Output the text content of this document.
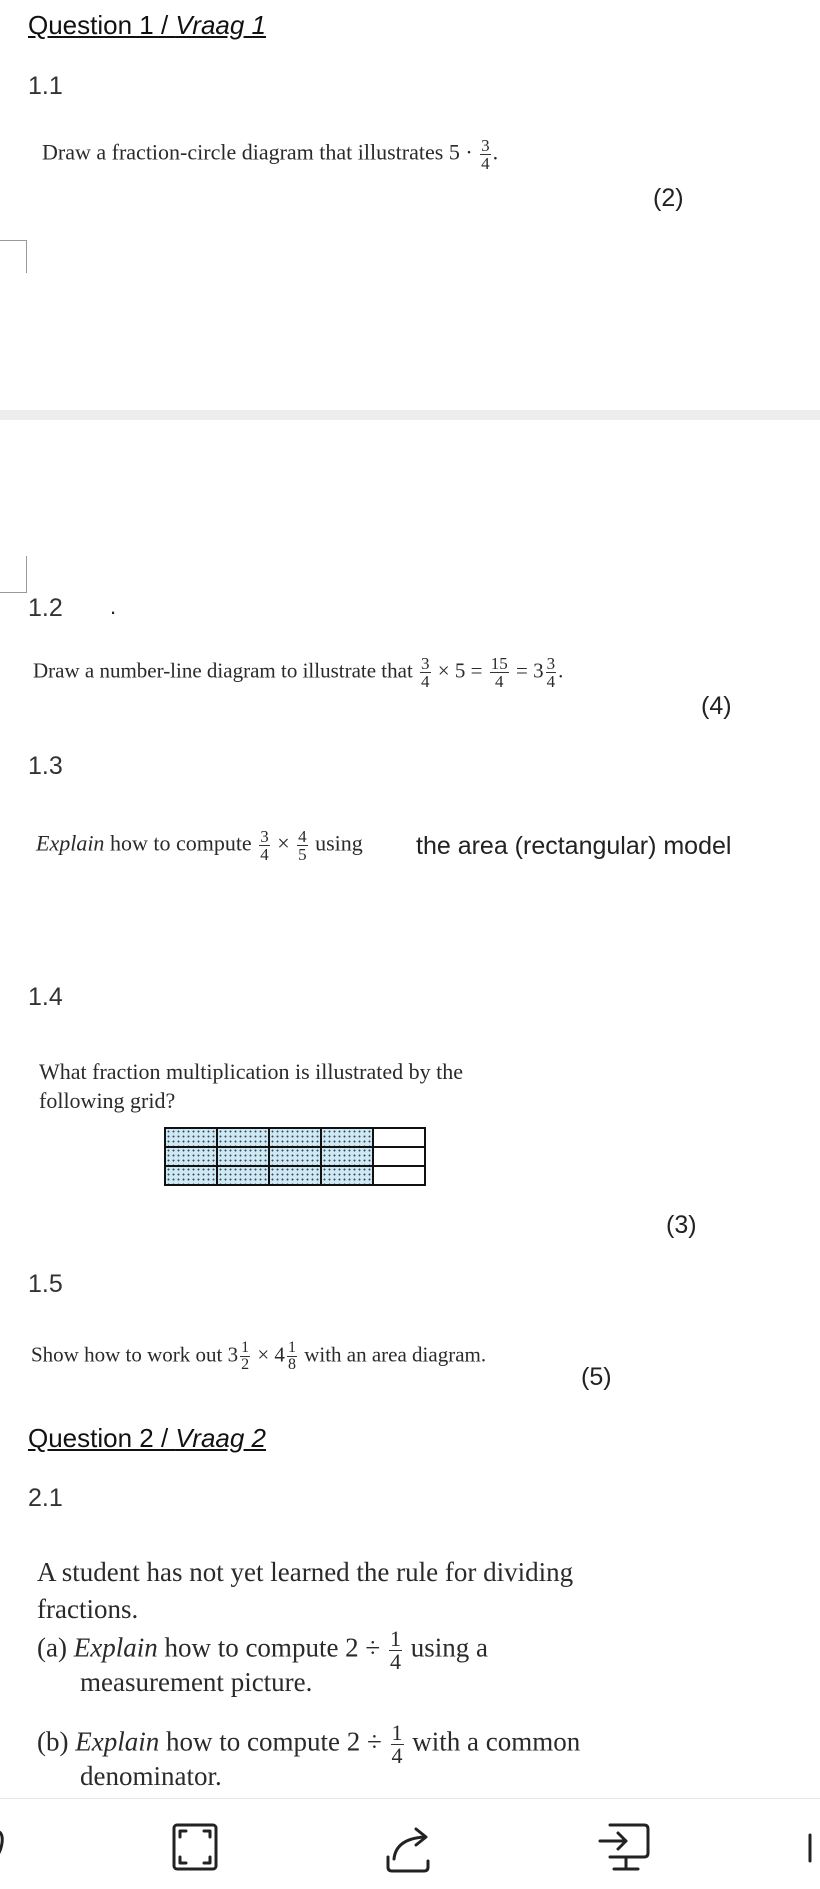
Question 1 / Vraag 1
1.1
Draw a fraction-circle diagram that illustrates $5 \cdot \frac{3}{4}$ .
(2)
1.2 .
Draw a number-line diagram to illustrate that $\frac{3}{4} \times 5 = \frac{15}{4} = 3 \frac{3}{4}$ .
(4)
1.3
Explain how to compute $\frac{3}{4} \times \frac{4}{5}$ using the area (rectangular) model
1.4
What fraction multiplication is illustrated by the
following grid?

(3)
1.5
Show how to work out $3 \frac{1}{2} \times 4 \frac{1}{8}$ with an area diagram.
(5)
Question 2 / Vraag 2
2.1
A student has not yet learned the rule for dividing
fractions.
(a) Explain how to compute $2 \div \frac{1}{4}$ using a
measurement picture.
(b) Explain how to compute $2 \div \frac{1}{4}$ with a common
denominator.
